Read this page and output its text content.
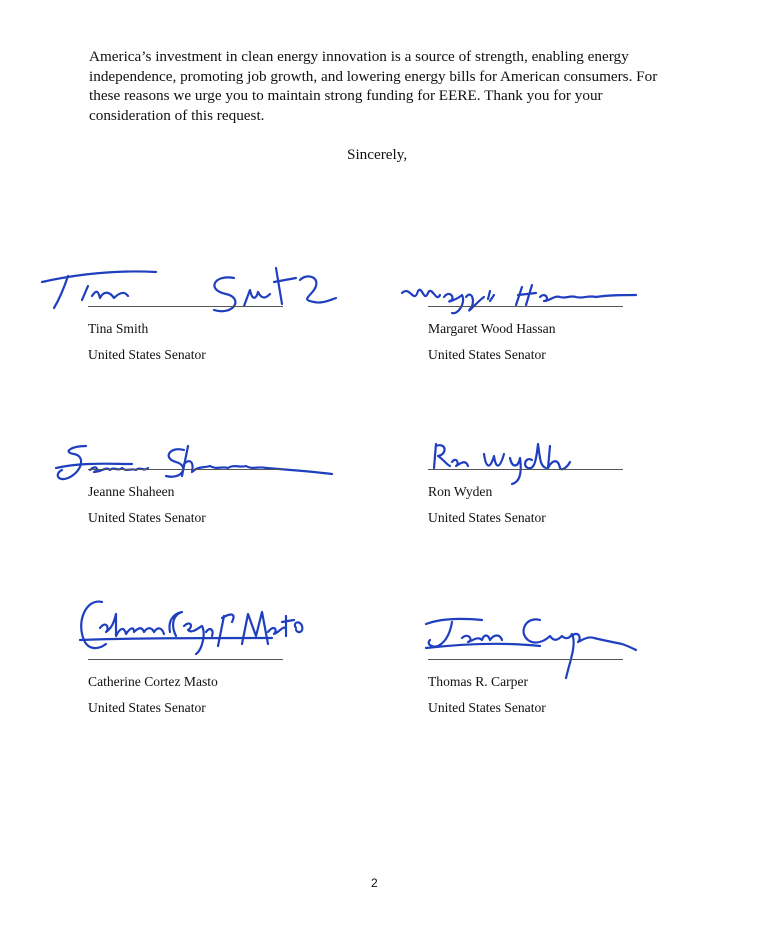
America’s investment in clean energy innovation is a source of strength, enabling energy
independence, promoting job growth, and lowering energy bills for American consumers. For
these reasons we urge you to maintain strong funding for EERE. Thank you for your
consideration of this request.
Sincerely,
Tina Smith
United States Senator
Margaret Wood Hassan
United States Senator
Jeanne Shaheen
United States Senator
Ron Wyden
United States Senator
Catherine Cortez Masto
United States Senator
Thomas R. Carper
United States Senator
2
